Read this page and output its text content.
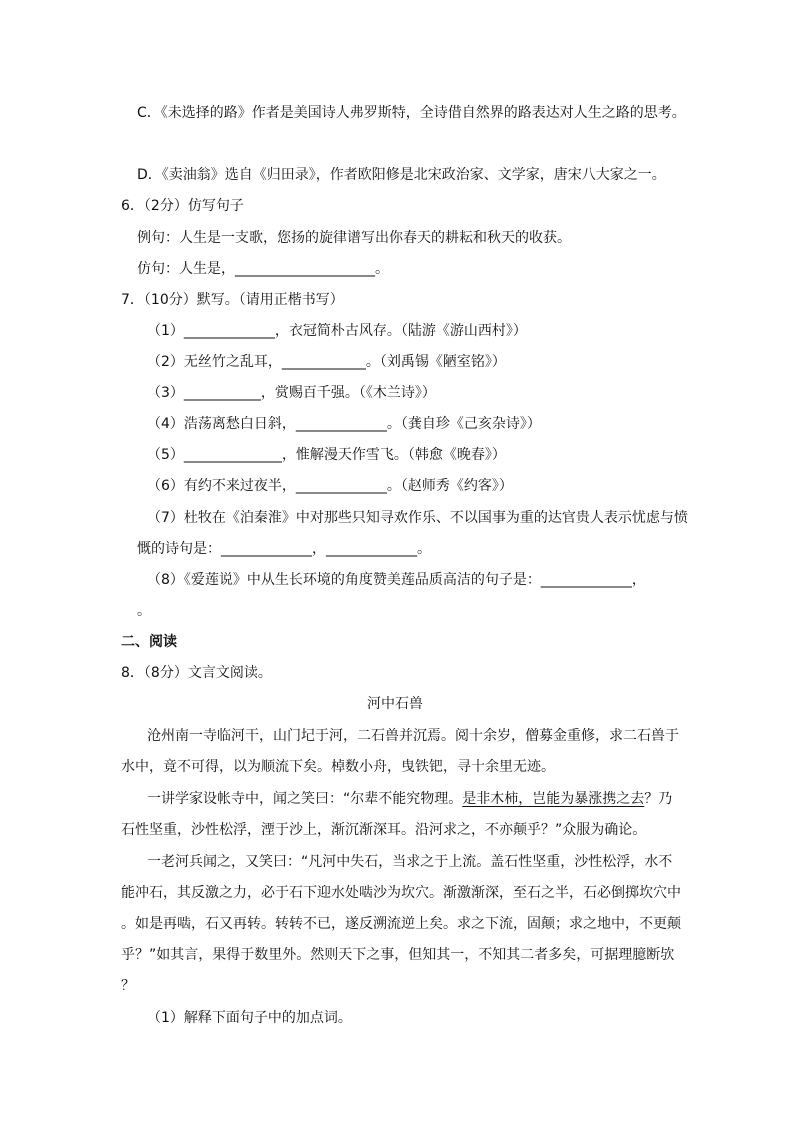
C．《未选择的路》作者是美国诗人弗罗斯特，全诗借自然界的路表达对人生之路的思考。
D．《卖油翁》选自《归田录》，作者欧阳修是北宋政治家、文学家，唐宋八大家之一。
6．（2分）仿写句子
例句：人生是一支歌，您扬的旋律谱写出你春天的耕耘和秋天的收获。
仿句：人生是，____________________。
7．（10分）默写。（请用正楷书写）
（1）_____________，衣冠简朴古风存。（陆游《游山西村》）
（2）无丝竹之乱耳，____________。（刘禹锡《陋室铭》）
（3）___________，赏赐百千强。（《木兰诗》）
（4）浩荡离愁白日斜，_____________。（龚自珍《己亥杂诗》）
（5）______________，惟解漫天作雪飞。（韩愈《晚春》）
（6）有约不来过夜半，_____________。（赵师秀《约客》）
（7）杜牧在《泊秦淮》中对那些只知寻欢作乐、不以国事为重的达官贵人表示忧虑与愤
慨的诗句是：_____________，_____________。
（8）《爱莲说》中从生长环境的角度赞美莲品质高洁的句子是：_____________，
。
二、阅读
8．（8分）文言文阅读。
河中石兽
沧州南一寺临河干，山门圮于河，二石兽并沉焉。阅十余岁，僧募金重修，求二石兽于
水中，竟不可得，以为顺流下矣。棹数小舟，曳铁钯，寻十余里无迹。
一讲学家设帐寺中，闻之笑曰：“尔辈不能究物理。是非木柿，岂能为暴涨携之去？乃
石性坚重，沙性松浮，湮于沙上，渐沉渐深耳。沿河求之，不亦颠乎？”众服为确论。
一老河兵闻之，又笑曰：“凡河中失石，当求之于上流。盖石性坚重，沙性松浮，水不
能冲石，其反激之力，必于石下迎水处啮沙为坎穴。渐激渐深，至石之半，石必倒掷坎穴中
。如是再啮，石又再转。转转不已，遂反溯流逆上矣。求之下流，固颠；求之地中，不更颠
乎？”如其言，果得于数里外。然则天下之事，但知其一，不知其二者多矣，可据理臆断欤
？
（1）解释下面句子中的加点词。
